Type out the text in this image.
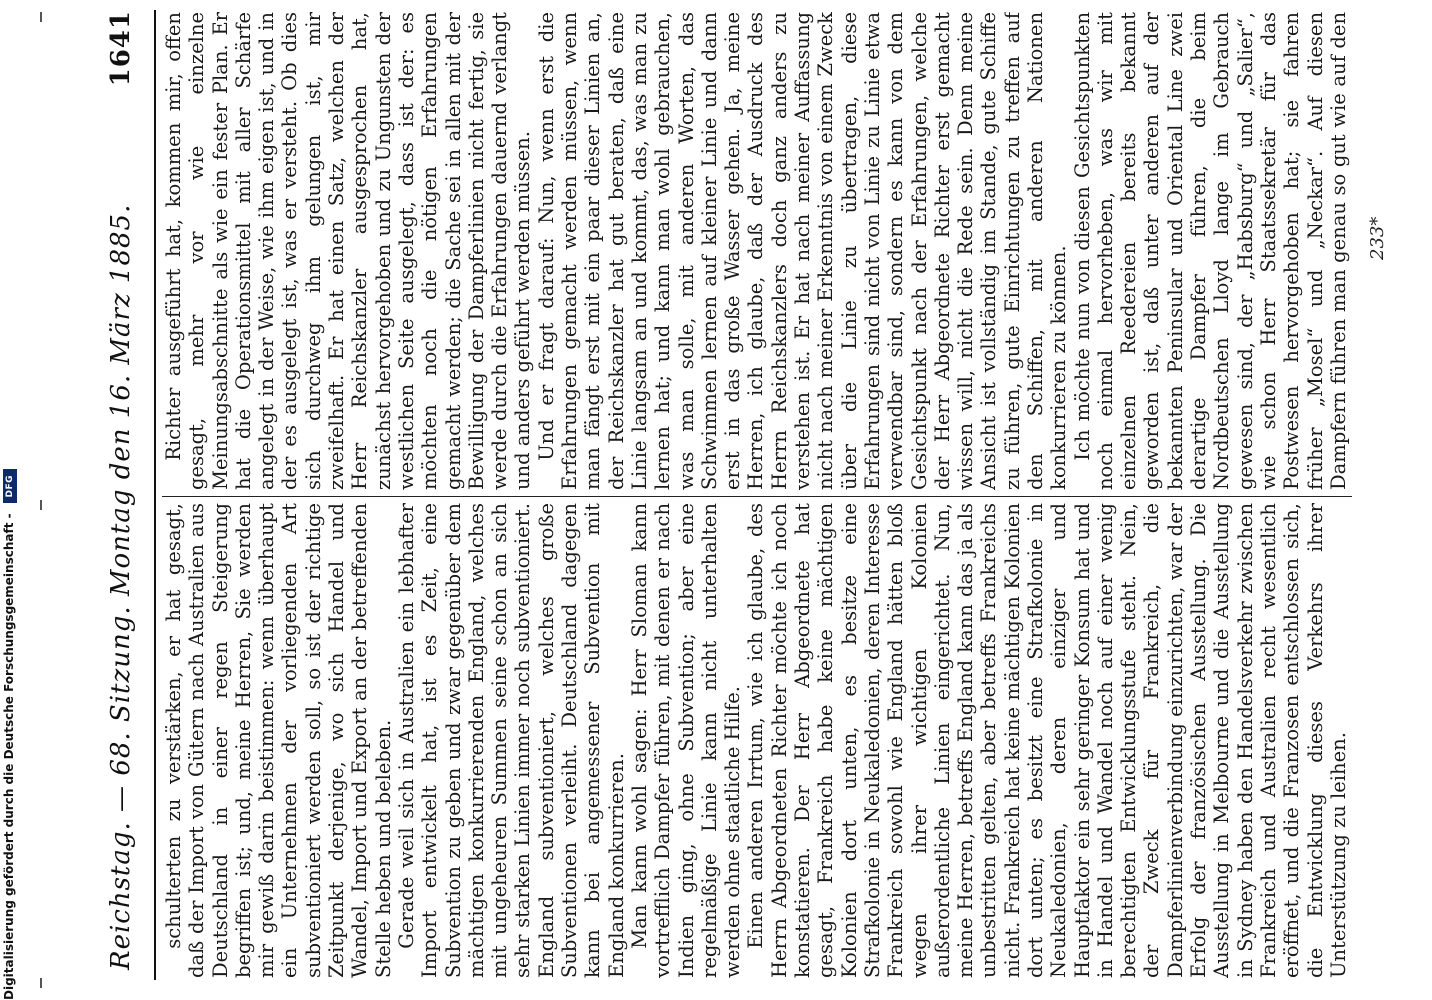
Digitalisierung gefördert durch die Deutsche Forschungsgemeinschaft - DFG	Reichstag. — 68. Sitzung. Montag den 16. März 1885.
1641

schulterten zu verstärken, er hat gesagt, daß der Import von Gütern nach Australien aus Deutschland in einer regen Steigerung begriffen ist; und, meine Herren, Sie werden mir gewiß darin beistimmen: wenn überhaupt ein Unternehmen der vorliegenden Art subventioniert werden soll, so ist der richtige Zeitpunkt derjenige, wo sich Handel und Wandel, Import und Export an der betreffenden Stelle heben und beleben. Gerade weil sich in Australien ein lebhafter Import entwickelt hat, ist es Zeit, eine Subvention zu geben und zwar gegenüber dem mächtigen konkurrierenden England, welches mit ungeheuren Summen seine schon an sich sehr starken Linien immer noch subventioniert. England subventioniert, welches große Subventionen verleiht. Deutschland dagegen kann bei angemessener Subvention mit England konkurrieren. Man kann wohl sagen: Herr Sloman kann vortrefflich Dampfer führen, mit denen er nach Indien ging, ohne Subvention; aber eine regelmäßige Linie kann nicht unterhalten werden ohne staatliche Hilfe. Einen anderen Irrtum, wie ich glaube, des Herrn Abgeordneten Richter möchte ich noch konstatieren. Der Herr Abgeordnete hat gesagt, Frankreich habe keine mächtigen Kolonien dort unten, es besitze eine Strafkolonie in Neukaledonien, deren Interesse Frankreich sowohl wie England hätten bloß wegen ihrer wichtigen Kolonien außerordentliche Linien eingerichtet. Nun, meine Herren, betreffs England kann das ja als unbestritten gelten, aber betreffs Frankreichs nicht. Frankreich hat keine mächtigen Kolonien dort unten; es besitzt eine Strafkolonie in Neukaledonien, deren einziger und Hauptfaktor ein sehr geringer Konsum hat und in Handel und Wandel noch auf einer wenig berechtigten Entwicklungsstufe steht. Nein, der Zweck für Frankreich, die Dampferlinienverbindung einzurichten, war der Erfolg der französischen Ausstellung. Die Ausstellung in Melbourne und die Ausstellung in Sydney haben den Handelsverkehr zwischen Frankreich und Australien recht wesentlich eröffnet, und die Franzosen entschlossen sich, die Entwicklung dieses Verkehrs ihrer Unterstützung zu leihen.

Richter ausgeführt hat, kommen mir, offen gesagt, mehr vor wie einzelne Meinungsabschnitte als wie ein fester Plan. Er hat die Operationsmittel mit aller Schärfe angelegt in der Weise, wie ihm eigen ist, und in der es ausgelegt ist, was er versteht. Ob dies sich durchweg ihm gelungen ist, mir zweifelhaft. Er hat einen Satz, welchen der Herr Reichskanzler ausgesprochen hat, zunächst hervorgehoben und zu Ungunsten der westlichen Seite ausgelegt, dass ist der: es möchten noch die nötigen Erfahrungen gemacht werden; die Sache sei in allen mit der Bewilligung der Dampferlinien nicht fertig, sie werde durch die Erfahrungen dauernd verlangt und anders geführt werden müssen. Und er fragt darauf: Nun, wenn erst die Erfahrungen gemacht werden müssen, wenn man fängt erst mit ein paar dieser Linien an, der Reichskanzler hat gut beraten, daß eine Linie langsam an und kommt, das, was man zu lernen hat; und kann man wohl gebrauchen, was man solle, mit anderen Worten, das Schwimmen lernen auf kleiner Linie und dann erst in das große Wasser gehen. Ja, meine Herren, ich glaube, daß der Ausdruck des Herrn Reichskanzlers doch ganz anders zu verstehen ist. Er hat nach meiner Auffassung nicht nach meiner Erkenntnis von einem Zweck über die Linie zu übertragen, diese Erfahrungen sind nicht von Linie zu Linie etwa verwendbar sind, sondern es kann von dem Gesichtspunkt nach der Erfahrungen, welche der Herr Abgeordnete Richter erst gemacht wissen will, nicht die Rede sein. Denn meine Ansicht ist vollständig im Stande, gute Schiffe zu führen, gute Einrichtungen zu treffen auf den Schiffen, mit anderen Nationen konkurrieren zu können. Ich möchte nun von diesen Gesichtspunkten noch einmal hervorheben, was wir mit einzelnen Reedereien bereits bekannt geworden ist, daß unter anderen auf der bekannten Peninsular und Oriental Line zwei derartige Dampfer führen, die beim Nordbeutschen Lloyd lange im Gebrauch gewesen sind, der „Habsburg“ und „Salier“, wie schon Herr Staatssekretär für das Postwesen hervorgehoben hat; sie fahren früher „Mosel“ und „Neckar“. Auf diesen Dampfern führen man genau so gut wie auf den

233*
